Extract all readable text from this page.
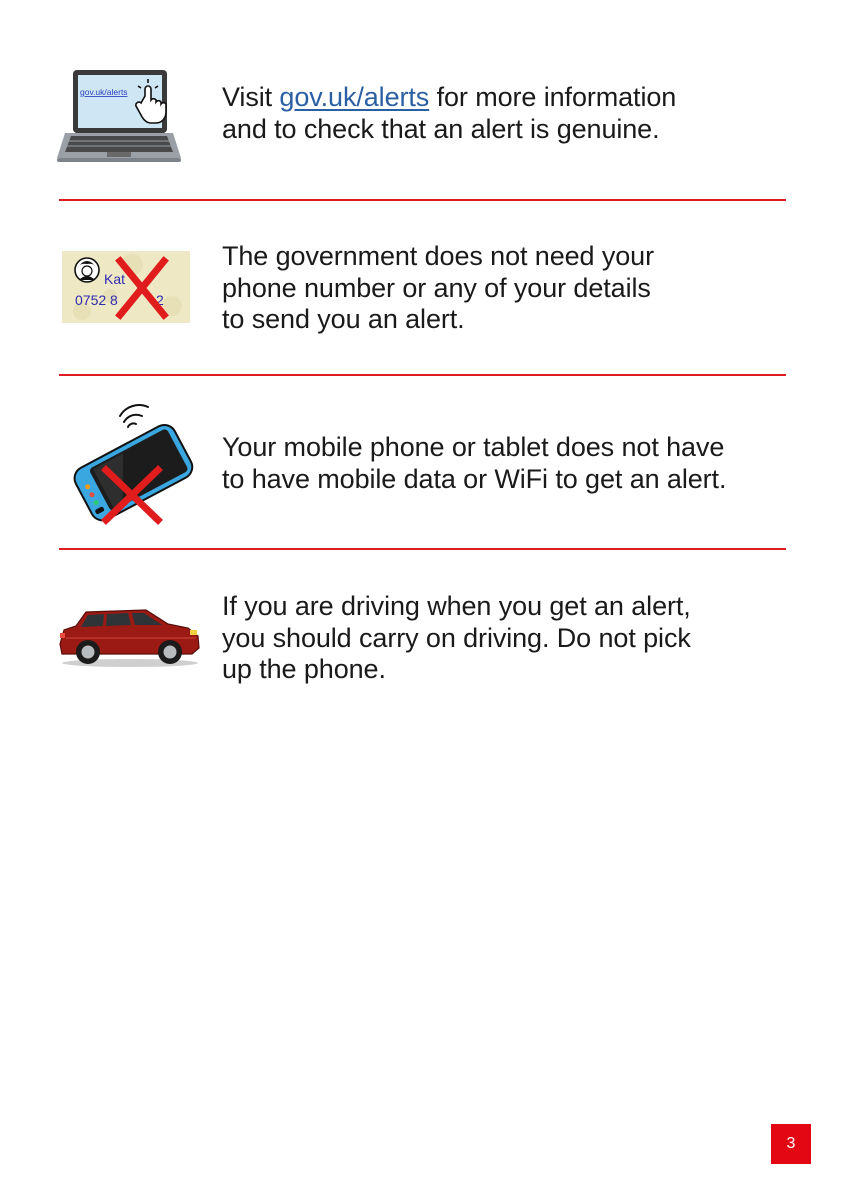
gov.uk/alerts	Visit gov.uk/alerts for more information
and to check that an alert is genuine.
Kat
0752 8	2
The government does not need your
phone number or any of your details
to send you an alert.
Your mobile phone or tablet does not have
to have mobile data or WiFi to get an alert.
If you are driving when you get an alert,
you should carry on driving. Do not pick
up the phone.
3
